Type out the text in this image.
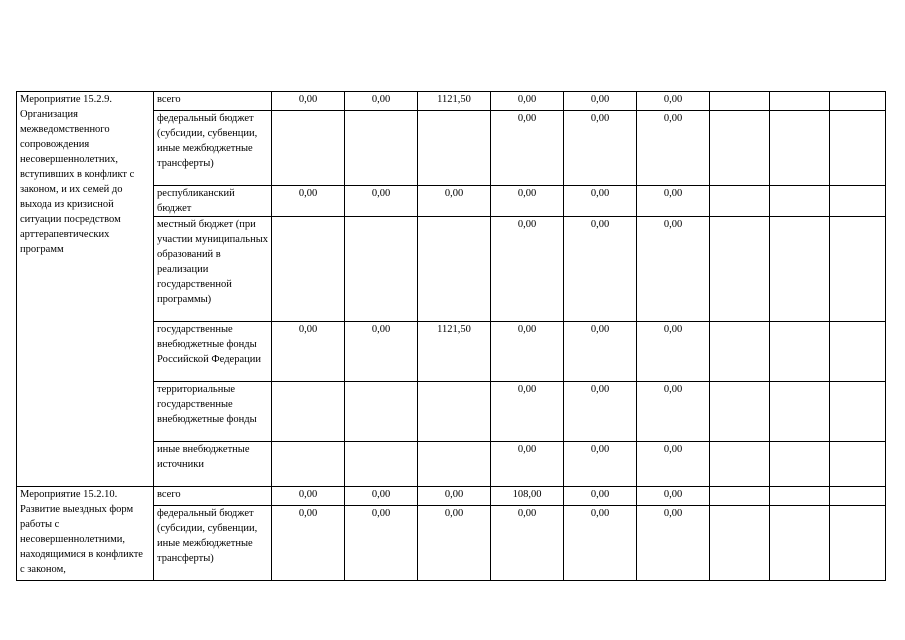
Мероприятие 15.2.9. Организация межведомственного сопровождения несовершеннолетних, вступивших в конфликт с законом, и их семей до выхода из кризисной ситуации посредством арттерапевтических программ	всего	0,00	0,00	1121,50	0,00	0,00	0,00			
	федеральный бюджет (субсидии, субвенции, иные межбюджетные трансферты)				0,00	0,00	0,00			
	республиканский бюджет	0,00	0,00	0,00	0,00	0,00	0,00			
	местный бюджет (при участии муниципальных образований в реализации государственной программы)				0,00	0,00	0,00			
	государственные внебюджетные фонды Российской Федерации	0,00	0,00	1121,50	0,00	0,00	0,00			
	территориальные государственные внебюджетные фонды				0,00	0,00	0,00			
	иные внебюджетные источники				0,00	0,00	0,00			
Мероприятие 15.2.10. Развитие выездных форм работы с несовершеннолетними, находящимися в конфликте с законом,	всего	0,00	0,00	0,00	108,00	0,00	0,00			
	федеральный бюджет (субсидии, субвенции, иные межбюджетные трансферты)	0,00	0,00	0,00	0,00	0,00	0,00			
